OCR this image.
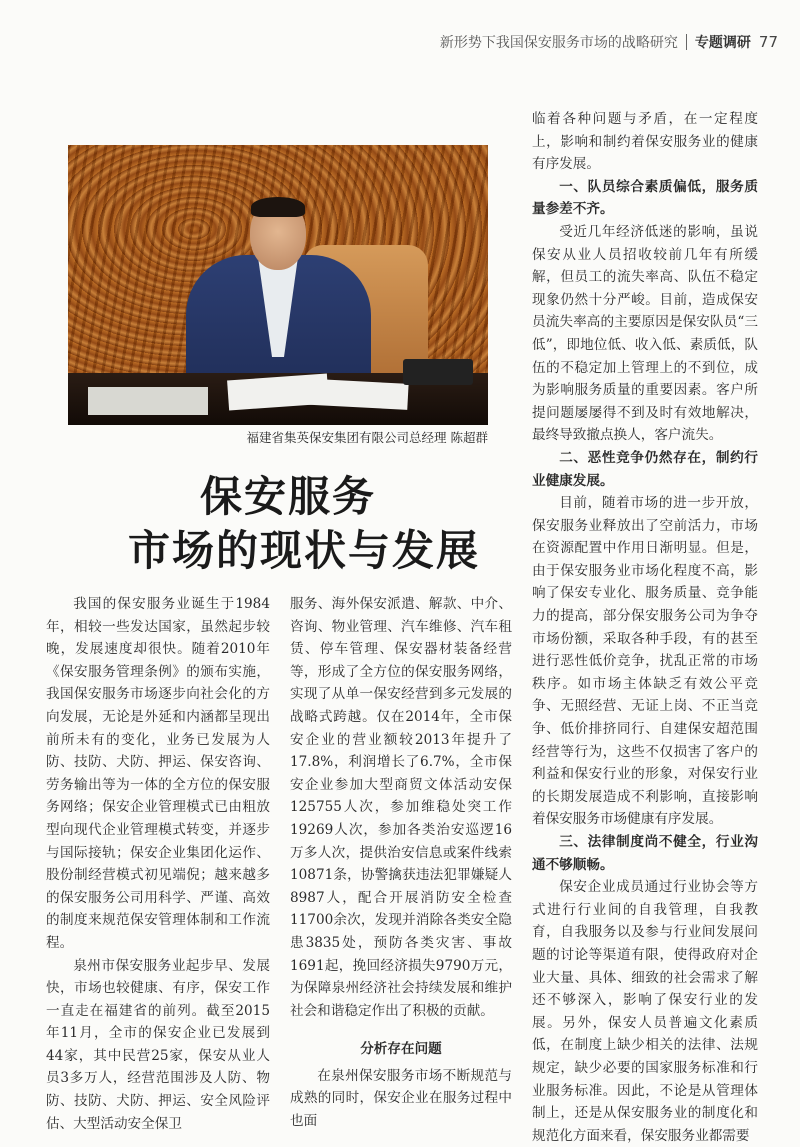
新形势下我国保安服务市场的战略研究 专题调研 77
福建省集英保安集团有限公司总经理 陈超群
保安服务
市场的现状与发展

我国的保安服务业诞生于1984年，相较一些发达国家，虽然起步较晚，发展速度却很快。随着2010年《保安服务管理条例》的颁布实施，我国保安服务市场逐步向社会化的方向发展，无论是外延和内涵都呈现出前所未有的变化，业务已发展为人防、技防、犬防、押运、保安咨询、劳务输出等为一体的全方位的保安服务网络；保安企业管理模式已由粗放型向现代企业管理模式转变，并逐步与国际接轨；保安企业集团化运作、股份制经营模式初见端倪；越来越多的保安服务公司用科学、严谨、高效的制度来规范保安管理体制和工作流程。

泉州市保安服务业起步早、发展快，市场也较健康、有序，保安工作一直走在福建省的前列。截至2015年11月，全市的保安企业已发展到44家，其中民营25家，保安从业人员3多万人，经营范围涉及人防、物防、技防、犬防、押运、安全风险评估、大型活动安全保卫

服务、海外保安派遣、解款、中介、咨询、物业管理、汽车维修、汽车租赁、停车管理、保安器材装备经营等，形成了全方位的保安服务网络，实现了从单一保安经营到多元发展的战略式跨越。仅在2014年，全市保安企业的营业额较2013年提升了17.8%，利润增长了6.7%，全市保安企业参加大型商贸文体活动安保125755人次，参加维稳处突工作19269人次，参加各类治安巡逻16万多人次，提供治安信息或案件线索10871条，协警擒获违法犯罪嫌疑人8987人，配合开展消防安全检查11700余次，发现并消除各类安全隐患3835处，预防各类灾害、事故1691起，挽回经济损失9790万元，为保障泉州经济社会持续发展和维护社会和谐稳定作出了积极的贡献。

分析存在问题

在泉州保安服务市场不断规范与成熟的同时，保安企业在服务过程中也面

临着各种问题与矛盾，在一定程度上，影响和制约着保安服务业的健康有序发展。

一、队员综合素质偏低，服务质量参差不齐。

受近几年经济低迷的影响，虽说保安从业人员招收较前几年有所缓解，但员工的流失率高、队伍不稳定现象仍然十分严峻。目前，造成保安员流失率高的主要原因是保安队员“三低”，即地位低、收入低、素质低，队伍的不稳定加上管理上的不到位，成为影响服务质量的重要因素。客户所提问题屡屡得不到及时有效地解决，最终导致撤点换人，客户流失。

二、恶性竞争仍然存在，制约行业健康发展。

目前，随着市场的进一步开放，保安服务业释放出了空前活力，市场在资源配置中作用日渐明显。但是，由于保安服务业市场化程度不高，影响了保安专业化、服务质量、竞争能力的提高，部分保安服务公司为争夺市场份额，采取各种手段，有的甚至进行恶性低价竞争，扰乱正常的市场秩序。如市场主体缺乏有效公平竞争、无照经营、无证上岗、不正当竞争、低价排挤同行、自建保安超范围经营等行为，这些不仅损害了客户的利益和保安行业的形象，对保安行业的长期发展造成不利影响，直接影响着保安服务市场健康有序发展。

三、法律制度尚不健全，行业沟通不够顺畅。

保安企业成员通过行业协会等方式进行行业间的自我管理，自我教育，自我服务以及参与行业间发展问题的讨论等渠道有限，使得政府对企业大量、具体、细致的社会需求了解还不够深入，影响了保安行业的发展。另外，保安人员普遍文化素质低，在制度上缺少相关的法律、法规规定，缺少必要的国家服务标准和行业服务标准。因此，不论是从管理体制上，还是从保安服务业的制度化和规范化方面来看，保安服务业都需要
